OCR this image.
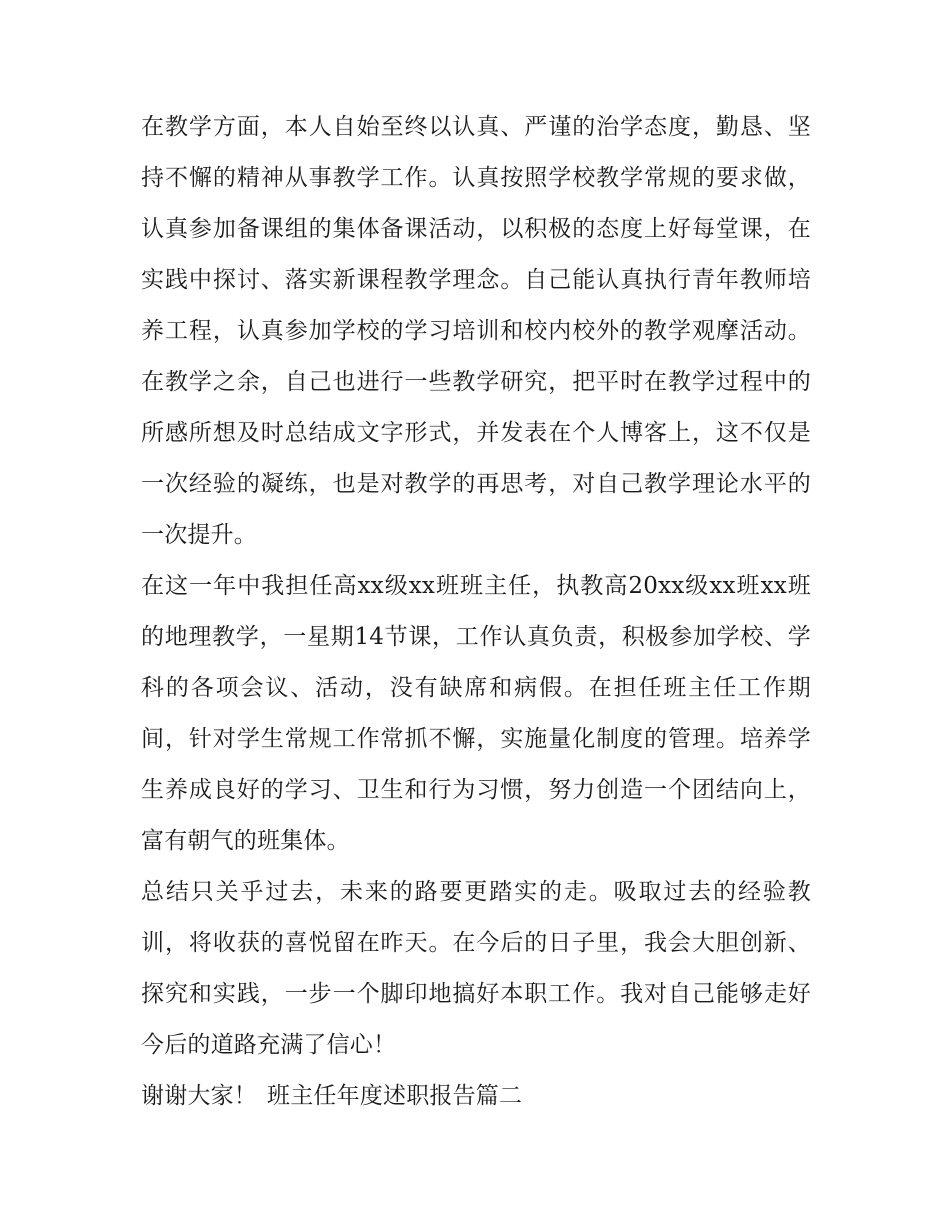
在教学方面，本人自始至终以认真、严谨的治学态度，勤恳、坚持不懈的精神从事教学工作。认真按照学校教学常规的要求做，认真参加备课组的集体备课活动，以积极的态度上好每堂课，在实践中探讨、落实新课程教学理念。自己能认真执行青年教师培养工程，认真参加学校的学习培训和校内校外的教学观摩活动。在教学之余，自己也进行一些教学研究，把平时在教学过程中的所感所想及时总结成文字形式，并发表在个人博客上，这不仅是一次经验的凝练，也是对教学的再思考，对自己教学理论水平的一次提升。

在这一年中我担任高xx级xx班班主任，执教高20xx级xx班xx班的地理教学，一星期14节课，工作认真负责，积极参加学校、学科的各项会议、活动，没有缺席和病假。在担任班主任工作期间，针对学生常规工作常抓不懈，实施量化制度的管理。培养学生养成良好的学习、卫生和行为习惯，努力创造一个团结向上，富有朝气的班集体。

总结只关乎过去，未来的路要更踏实的走。吸取过去的经验教训，将收获的喜悦留在昨天。在今后的日子里，我会大胆创新、探究和实践，一步一个脚印地搞好本职工作。我对自己能够走好今后的道路充满了信心！

谢谢大家！ 班主任年度述职报告篇二
